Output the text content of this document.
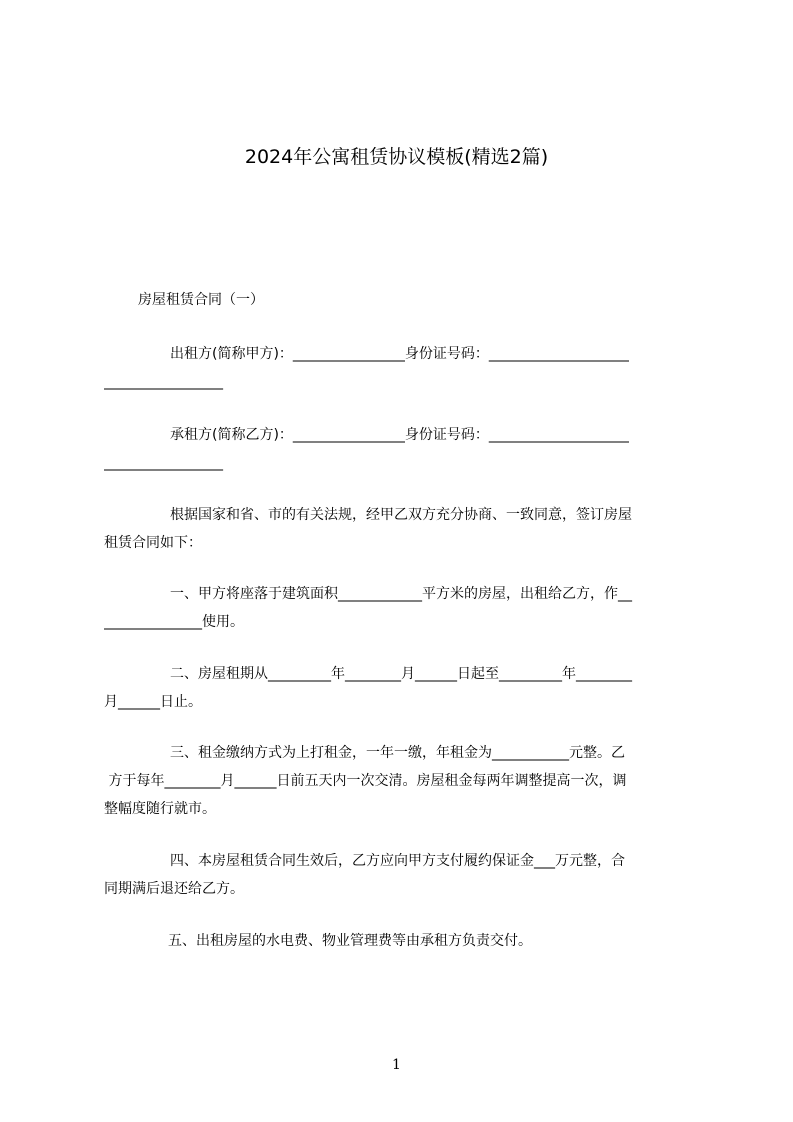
2024年公寓租赁协议模板(精选2篇)
房屋租赁合同（一）
出租方(简称甲方)：________________身份证号码：____________________
_________________
承租方(简称乙方)：________________身份证号码：____________________
_________________
根据国家和省、市的有关法规，经甲乙双方充分协商、一致同意，签订房屋
租赁合同如下：
一、甲方将座落于建筑面积____________平方米的房屋，出租给乙方，作__
______________使用。
二、房屋租期从_________年________月______日起至_________年________
月______日止。
三、租金缴纳方式为上打租金，一年一缴，年租金为___________元整。乙
方于每年________月______日前五天内一次交清。房屋租金每两年调整提高一次，调
整幅度随行就市。
四、本房屋租赁合同生效后，乙方应向甲方支付履约保证金___万元整，合
同期满后退还给乙方。
五、出租房屋的水电费、物业管理费等由承租方负责交付。
1
